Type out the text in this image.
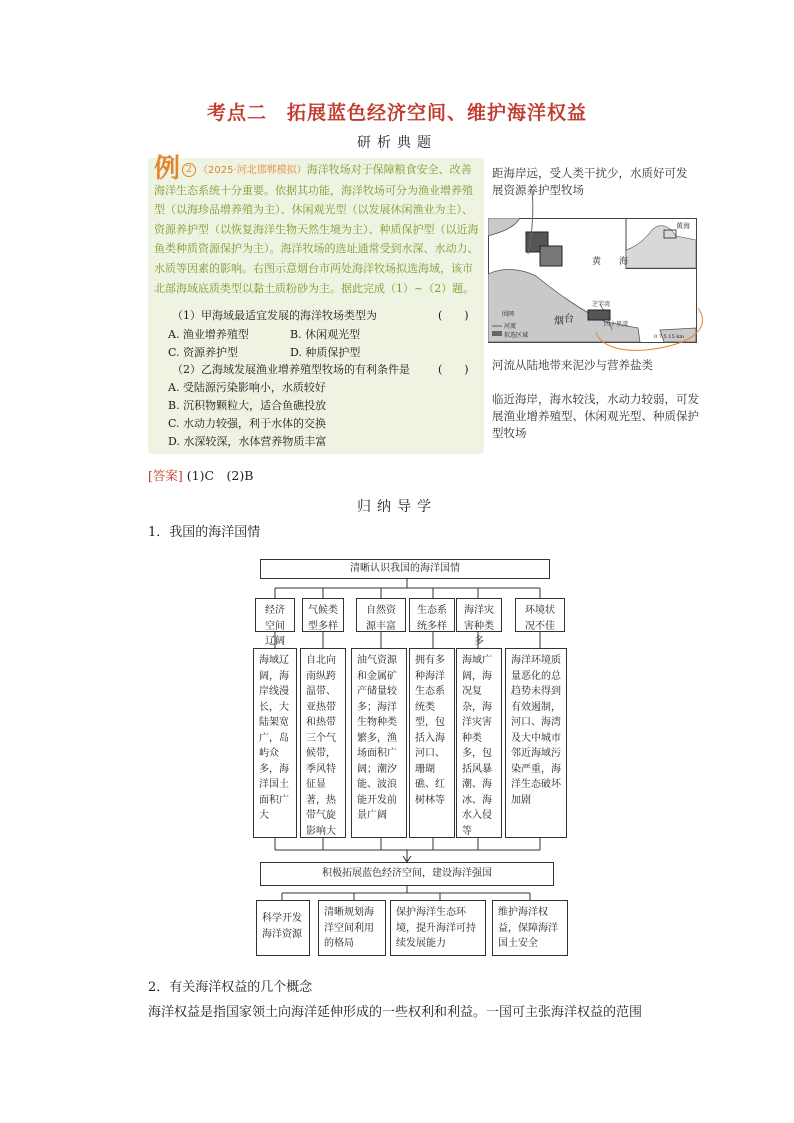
考点二　拓展蓝色经济空间、维护海洋权益
研析典题
例 2 （2025·河北邯郸模拟）海洋牧场对于保障粮食安全、改善海洋生态系统十分重要。依据其功能，海洋牧场可分为渔业增养殖型（以海珍品增养殖为主）、休闲观光型（以发展休闲渔业为主）、资源养护型（以恢复海洋生物天然生境为主）、种质保护型（以近海鱼类种质资源保护为主）。海洋牧场的选址通常受到水深、水动力、水质等因素的影响。右图示意烟台市两处海洋牧场拟选海域，该市北部海域底质类型以黏土质粉砂为主。据此完成（1）~（2）题。
（1）甲海域最适宜发展的海洋牧场类型为	(　　)
A. 渔业增养殖型	B. 休闲观光型
C. 资源养护型	D. 种质保护型
（2）乙海域发展渔业增养殖型牧场的有利条件是	(　　)
A. 受陆源污染影响小，水质较好
B. 沉积物颗粒大，适合鱼礁投放
C. 水动力较强，利于水体的交换
D. 水深较深，水体营养物质丰富
距海岸远，受人类干扰少，水质好可发展资源养护型牧场
河流从陆地带来泥沙与营养盐类
临近海岸，海水较浅，水动力较弱，可发展渔业增养殖型、休闲观光型、种质保护型牧场
黄海
黄　　海
烟 台
芝罘湾
四十里湾
围网
河流
拟选区域	0 7.5 15 km
[答案] (1)C　(2)B
归纳导学
1．我国的海洋国情
清晰认识我国的海洋国情
经济空间辽阔
气候类型多样
自然资源丰富
生态系统多样
海洋灾害种类多
环境状况不佳
海域辽阔，海岸线漫长，大陆架宽广，岛屿众多，海洋国土面积广大
自北向南纵跨温带、亚热带和热带三个气候带，季风特征显著，热带气旋影响大
油气资源和金属矿产储量较多；海洋生物种类繁多，渔场面积广阔；潮汐能、波浪能开发前景广阔
拥有多种海洋生态系统类型，包括入海河口、珊瑚礁、红树林等
海域广阔，海况复杂，海洋灾害种类多，包括风暴潮、海冰、海水入侵等
海洋环境质量恶化的总趋势未得到有效遏制，河口、海湾及大中城市邻近海域污染严重，海洋生态破坏加剧
积极拓展蓝色经济空间，建设海洋强国
科学开发海洋资源
清晰规划海洋空间利用的格局
保护海洋生态环境，提升海洋可持续发展能力
维护海洋权益，保障海洋国土安全
2．有关海洋权益的几个概念
海洋权益是指国家领土向海洋延伸形成的一些权利和利益。一国可主张海洋权益的范围
